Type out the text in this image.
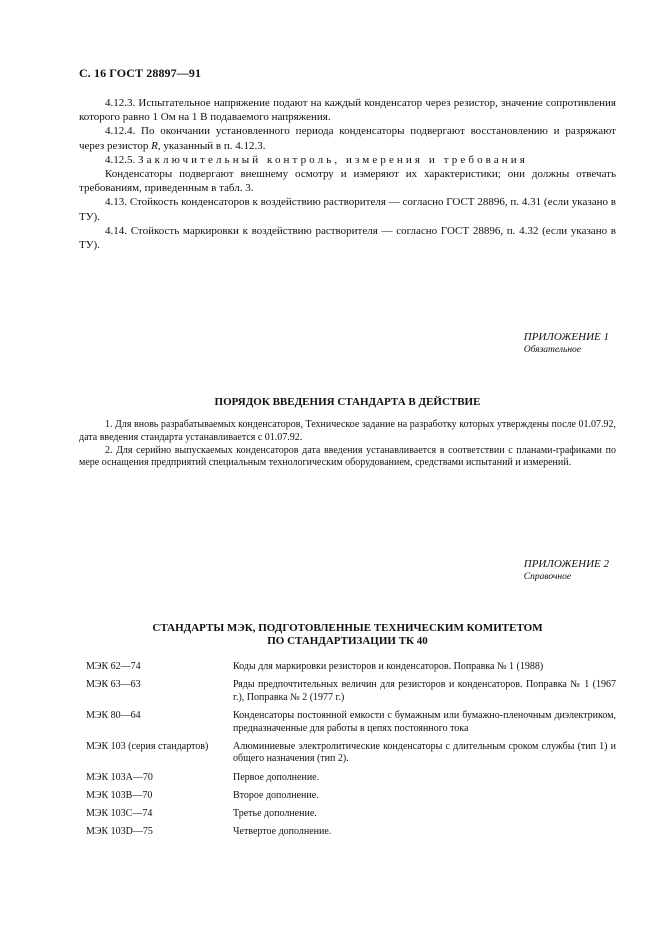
С. 16 ГОСТ 28897—91

4.12.3. Испытательное напряжение подают на каждый конденсатор через резистор, значение сопротивления которого равно 1 Ом на 1 В подаваемого напряжения.

4.12.4. По окончании установленного периода конденсаторы подвергают восстановлению и разряжают через резистор R, указанный в п. 4.12.3.

4.12.5. Заключительный контроль, измерения и требования

Конденсаторы подвергают внешнему осмотру и измеряют их характеристики; они должны отвечать требованиям, приведенным в табл. 3.

4.13. Стойкость конденсаторов к воздействию растворителя — согласно ГОСТ 28896, п. 4.31 (если указано в ТУ).

4.14. Стойкость маркировки к воздействию растворителя — согласно ГОСТ 28896, п. 4.32 (если указано в ТУ).

ПРИЛОЖЕНИЕ 1
Обязательное
ПОРЯДОК ВВЕДЕНИЯ СТАНДАРТА В ДЕЙСТВИЕ

1. Для вновь разрабатываемых конденсаторов, Техническое задание на разработку которых утверждены после 01.07.92, дата введения стандарта устанавливается с 01.07.92.

2. Для серийно выпускаемых конденсаторов дата введения устанавливается в соответствии с планами-графиками по мере оснащения предприятий специальным технологическим оборудованием, средствами испытаний и измерений.

ПРИЛОЖЕНИЕ 2
Справочное
СТАНДАРТЫ МЭК, ПОДГОТОВЛЕННЫЕ ТЕХНИЧЕСКИМ КОМИТЕТОМ
ПО СТАНДАРТИЗАЦИИ ТК 40
МЭК 62—74	Коды для маркировки резисторов и конденсаторов. Поправка № 1 (1988)
МЭК 63—63	Ряды предпочтительных величин для резисторов и конденсаторов. Поправка № 1 (1967 г.), Поправка № 2 (1977 г.)
МЭК 80—64	Конденсаторы постоянной емкости с бумажным или бумажно-пленочным диэлектриком, предназначенные для работы в цепях постоянного тока
МЭК 103 (серия стандартов)	Алюминиевые электролитические конденсаторы с длительным сроком службы (тип 1) и общего назначения (тип 2).
МЭК 103А—70	Первое дополнение.
МЭК 103В—70	Второе дополнение.
МЭК 103С—74	Третье дополнение.
МЭК 103D—75	Четвертое дополнение.
